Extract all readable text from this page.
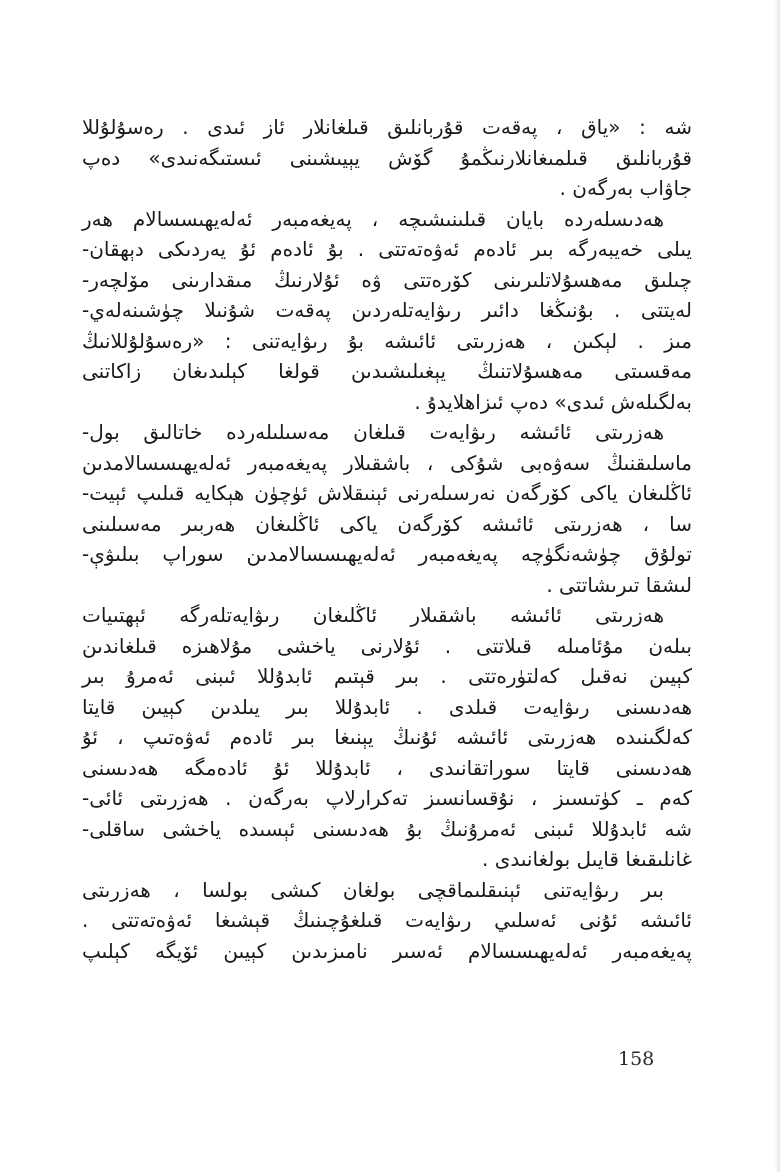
شه : «ياق ، پەقەت قۇربانلىق قىلغانلار ئاز ئىدى . رەسۇلۇللا
قۇربانلىق قىلمىغانلارنىڭمۇ گۆش يېيىشىنى ئىستىگەنىدى» دەپ
جاۋاب بەرگەن .
ھەدىسلەردە بايان قىلىنىشىچە ، پەيغەمبەر ئەلەيھىسسالام ھەر
يىلى خەيبەرگە بىر ئادەم ئەۋەتەتتى . بۇ ئادەم ئۇ يەردىكى دېھقان-
چىلىق مەھسۇلاتلىرىنى كۆرەتتى ۋە ئۇلارنىڭ مىقدارىنى مۆلچەر-
لەيتتى . بۇنىڭغا دائىر رىۋايەتلەردىن پەقەت شۇنىلا چۈشىنەلەي-
مىز . لېكىن ، ھەزرىتى ئائىشە بۇ رىۋايەتنى : «رەسۇلۇللانىڭ
مەقسىتى مەھسۇلاتنىڭ يېغىلىشىدىن قولغا كېلىدىغان زاكاتنى
بەلگىلەش ئىدى» دەپ ئىزاھلايدۇ .
ھەزرىتى ئائىشە رىۋايەت قىلغان مەسىلىلەردە خاتالىق بول-
ماسلىقنىڭ سەۋەبى شۇكى ، باشقىلار پەيغەمبەر ئەلەيھىسسالامدىن
ئاڭلىغان ياكى كۆرگەن نەرسىلەرنى ئېنىقلاش ئۈچۈن ھېكايە قىلىپ ئېيت-
سا ، ھەزرىتى ئائىشە كۆرگەن ياكى ئاڭلىغان ھەربىر مەسىلىنى
تولۇق چۈشەنگۈچە پەيغەمبەر ئەلەيھىسسالامدىن سوراپ بىلىۋې-
لىشقا تىرىشاتتى .
ھەزرىتى ئائىشە باشقىلار ئاڭلىغان رىۋايەتلەرگە ئېھتىيات
بىلەن مۇئامىلە قىلاتتى . ئۇلارنى ياخشى مۇلاھىزە قىلغاندىن
كېيىن نەقىل كەلتۈرەتتى . بىر قېتىم ئابدۇللا ئىبنى ئەمرۇ بىر
ھەدىسنى رىۋايەت قىلدى . ئابدۇللا بىر يىلدىن كېيىن قايتا
كەلگىنىدە ھەزرىتى ئائىشە ئۇنىڭ يېنىغا بىر ئادەم ئەۋەتىپ ، ئۇ
ھەدىسنى قايتا سوراتقانىدى ، ئابدۇللا ئۇ ئادەمگە ھەدىسنى
كەم ـ كۈتىسىز ، نۇقسانسىز تەكرارلاپ بەرگەن . ھەزرىتى ئائى-
شە ئابدۇللا ئىبنى ئەمرۇنىڭ بۇ ھەدىسنى ئېسىدە ياخشى ساقلى-
غانلىقىغا قايىل بولغانىدى .
بىر رىۋايەتنى ئېنىقلىماقچى بولغان كىشى بولسا ، ھەزرىتى
ئائىشە ئۇنى ئەسلىي رىۋايەت قىلغۇچىنىڭ قېشىغا ئەۋەتەتتى .
پەيغەمبەر ئەلەيھىسسالام ئەسىر نامىزىدىن كېيىن ئۆيگە كېلىپ
158
